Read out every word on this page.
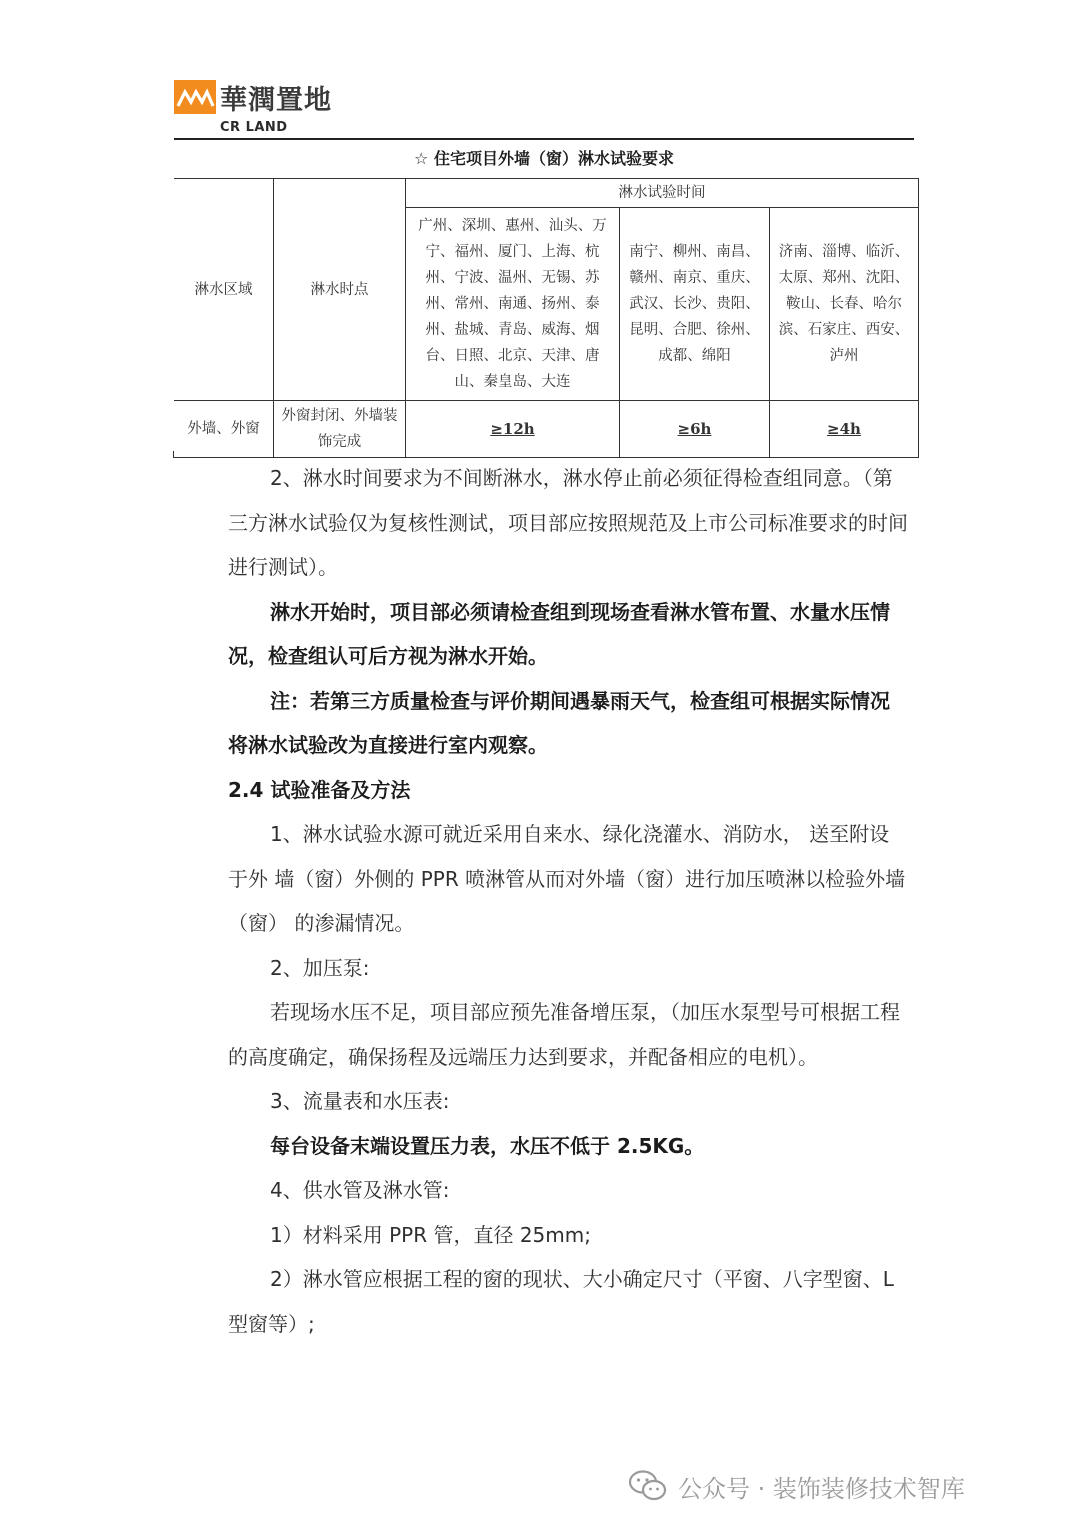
華潤置地
CR LAND
☆ 住宅项目外墙（窗）淋水试验要求
淋水区域	淋水时点	淋水试验时间		
		广州、深圳、惠州、汕头、万宁、福州、厦门、上海、杭州、宁波、温州、无锡、苏州、常州、南通、扬州、泰州、盐城、青岛、威海、烟台、日照、北京、天津、唐山、秦皇岛、大连	南宁、柳州、南昌、赣州、南京、重庆、武汉、长沙、贵阳、昆明、合肥、徐州、成都、绵阳	济南、淄博、临沂、太原、郑州、沈阳、鞍山、长春、哈尔滨、石家庄、西安、泸州
外墙、外窗	外窗封闭、外墙装饰完成	≥12h	≥6h	≥4h

2、淋水时间要求为不间断淋水，淋水停止前必须征得检查组同意。（第三方淋水试验仅为复核性测试，项目部应按照规范及上市公司标准要求的时间进行测试）。

淋水开始时，项目部必须请检查组到现场查看淋水管布置、水量水压情况，检查组认可后方视为淋水开始。

注：若第三方质量检查与评价期间遇暴雨天气，检查组可根据实际情况将淋水试验改为直接进行室内观察。

2.4 试验准备及方法

1、淋水试验水源可就近采用自来水、绿化浇灌水、消防水， 送至附设于外 墙（窗）外侧的 PPR 喷淋管从而对外墙（窗）进行加压喷淋以检验外墙（窗） 的渗漏情况。

2、加压泵:

若现场水压不足，项目部应预先准备增压泵，（加压水泵型号可根据工程的高度确定，确保扬程及远端压力达到要求，并配备相应的电机）。

3、流量表和水压表:

每台设备末端设置压力表，水压不低于 2.5KG。

4、供水管及淋水管:

1）材料采用 PPR 管，直径 25mm;

2）淋水管应根据工程的窗的现状、大小确定尺寸（平窗、八字型窗、L 型窗等）;

公众号 · 装饰装修技术智库
